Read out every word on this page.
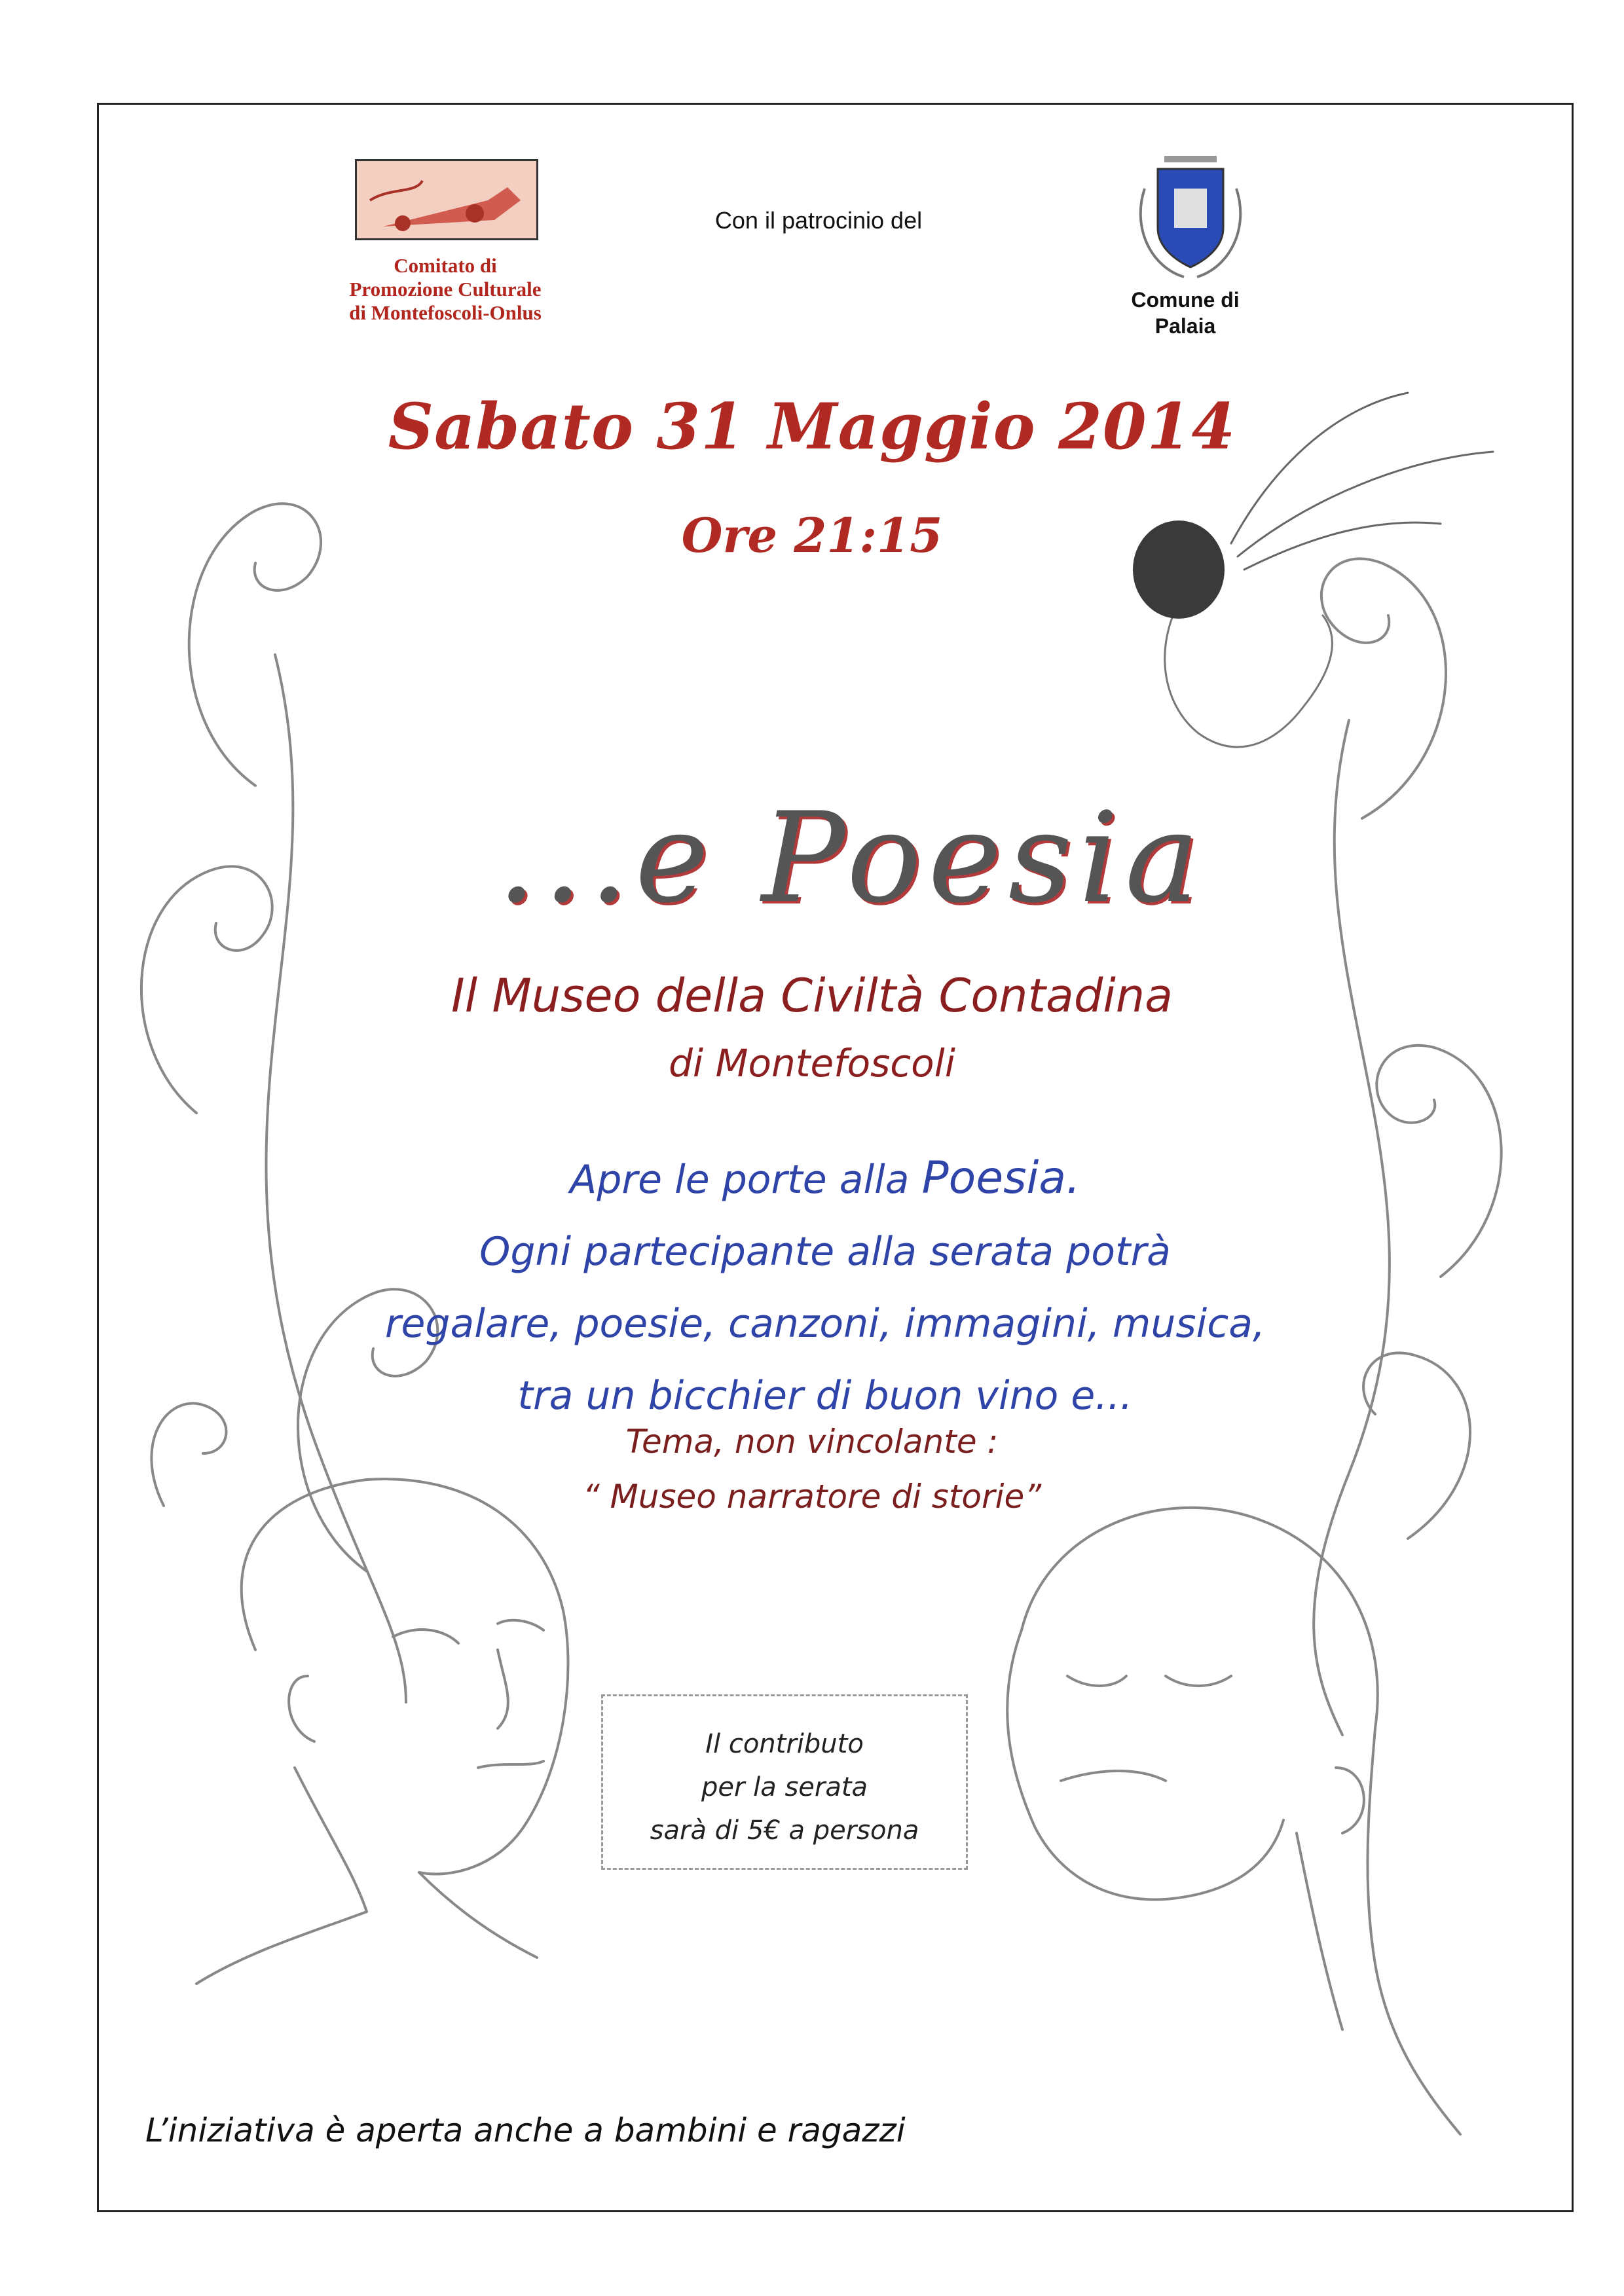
Comitato di
Promozione Culturale
di Montefoscoli-Onlus
Con il patrocinio del
Comune di
Palaia
Sabato 31 Maggio 2014
Ore 21:15
...e Poesia
Il Museo della Civiltà Contadina
di Montefoscoli
Apre le porte alla Poesia.
Ogni partecipante alla serata potrà
regalare, poesie, canzoni, immagini, musica,
tra un bicchier di buon vino e...
Tema, non vincolante :
“ Museo narratore di storie”
Il contributo
per la serata
sarà di 5€ a persona
L’iniziativa è aperta anche a bambini e ragazzi
